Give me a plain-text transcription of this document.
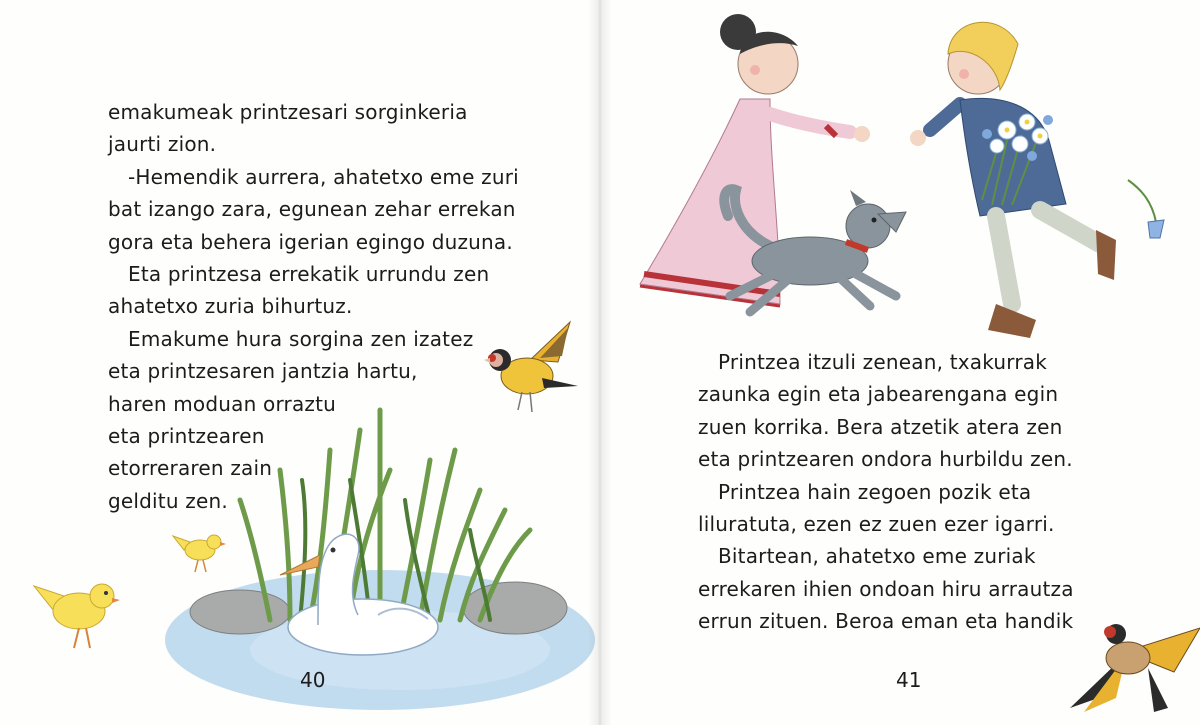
emakumeak printzesari sorginkeria
jaurti zion.
-Hemendik aurrera, ahatetxo eme zuri
bat izango zara, egunean zehar errekan
gora eta behera igerian egingo duzuna.
Eta printzesa errekatik urrundu zen
ahatetxo zuria bihurtuz.
Emakume hura sorgina zen izatez
eta printzesaren jantzia hartu,
haren moduan orraztu
eta printzearen
etorreraren zain
gelditu zen.
40
Printzea itzuli zenean, txakurrak
zaunka egin eta jabearengana egin
zuen korrika. Bera atzetik atera zen
eta printzearen ondora hurbildu zen.
Printzea hain zegoen pozik eta
liluratuta, ezen ez zuen ezer igarri.
Bitartean, ahatetxo eme zuriak
errekaren ihien ondoan hiru arrautza
errun zituen. Beroa eman eta handik
41
